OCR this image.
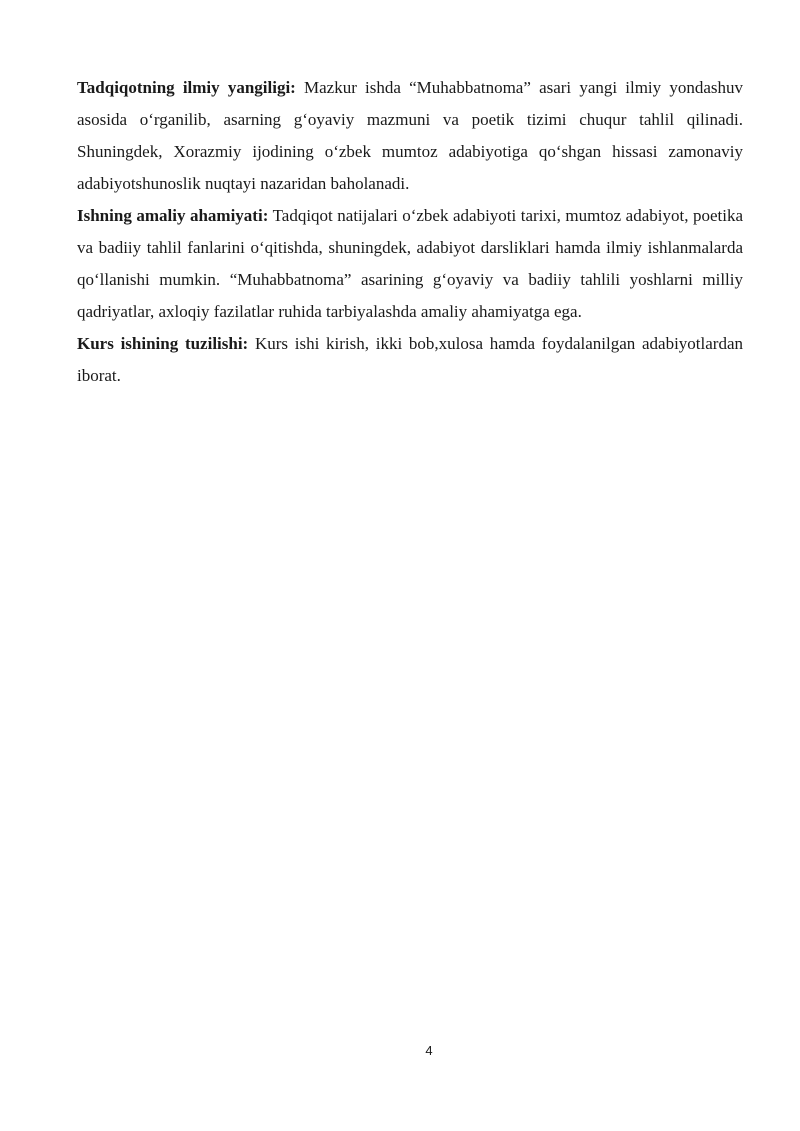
Tadqiqotning ilmiy yangiligi: Mazkur ishda “Muhabbatnoma” asari yangi ilmiy yondashuv asosida o‘rganilib, asarning g‘oyaviy mazmuni va poetik tizimi chuqur tahlil qilinadi. Shuningdek, Xorazmiy ijodining o‘zbek mumtoz adabiyotiga qo‘shgan hissasi zamonaviy adabiyotshunoslik nuqtayi nazaridan baholanadi.

Ishning amaliy ahamiyati: Tadqiqot natijalari o‘zbek adabiyoti tarixi, mumtoz adabiyot, poetika va badiiy tahlil fanlarini o‘qitishda, shuningdek, adabiyot darsliklari hamda ilmiy ishlanmalarda qo‘llanishi mumkin. “Muhabbatnoma” asarining g‘oyaviy va badiiy tahlili yoshlarni milliy qadriyatlar, axloqiy fazilatlar ruhida tarbiyalashda amaliy ahamiyatga ega.

Kurs ishining tuzilishi: Kurs ishi kirish, ikki bob,xulosa hamda foydalanilgan adabiyotlardan iborat.

4
